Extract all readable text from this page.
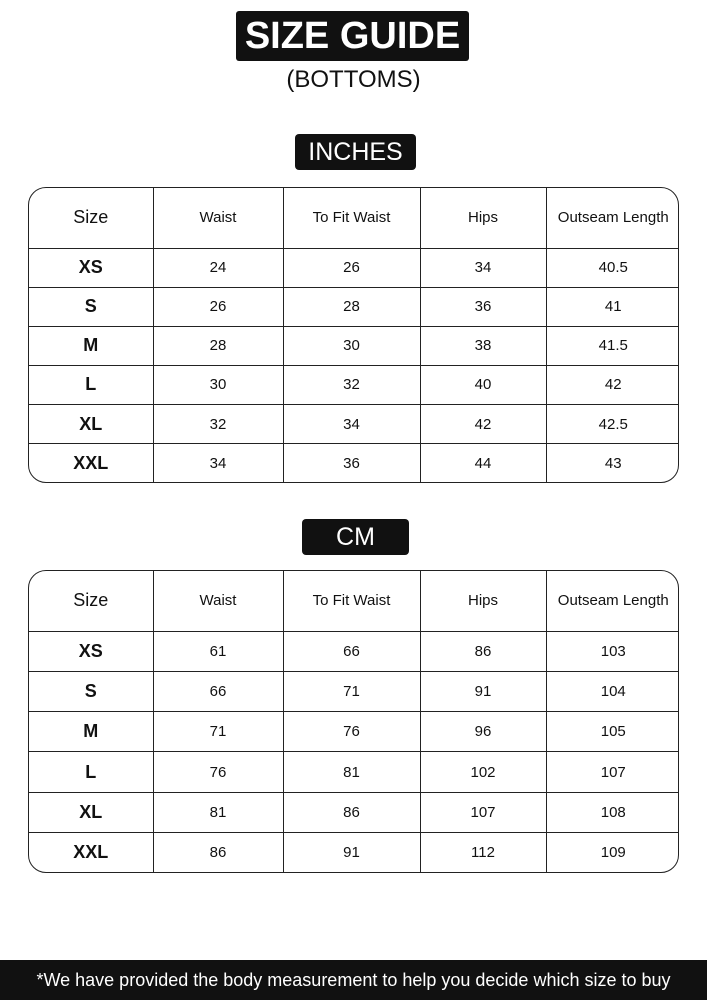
SIZE GUIDE
(BOTTOMS)
INCHES
Size	Waist	To Fit Waist	Hips	Outseam Length
XS	24	26	34	40.5
S	26	28	36	41
M	28	30	38	41.5
L	30	32	40	42
XL	32	34	42	42.5
XXL	34	36	44	43
CM
Size	Waist	To Fit Waist	Hips	Outseam Length
XS	61	66	86	103
S	66	71	91	104
M	71	76	96	105
L	76	81	102	107
XL	81	86	107	108
XXL	86	91	112	109
*We have provided the body measurement to help you decide which size to buy
